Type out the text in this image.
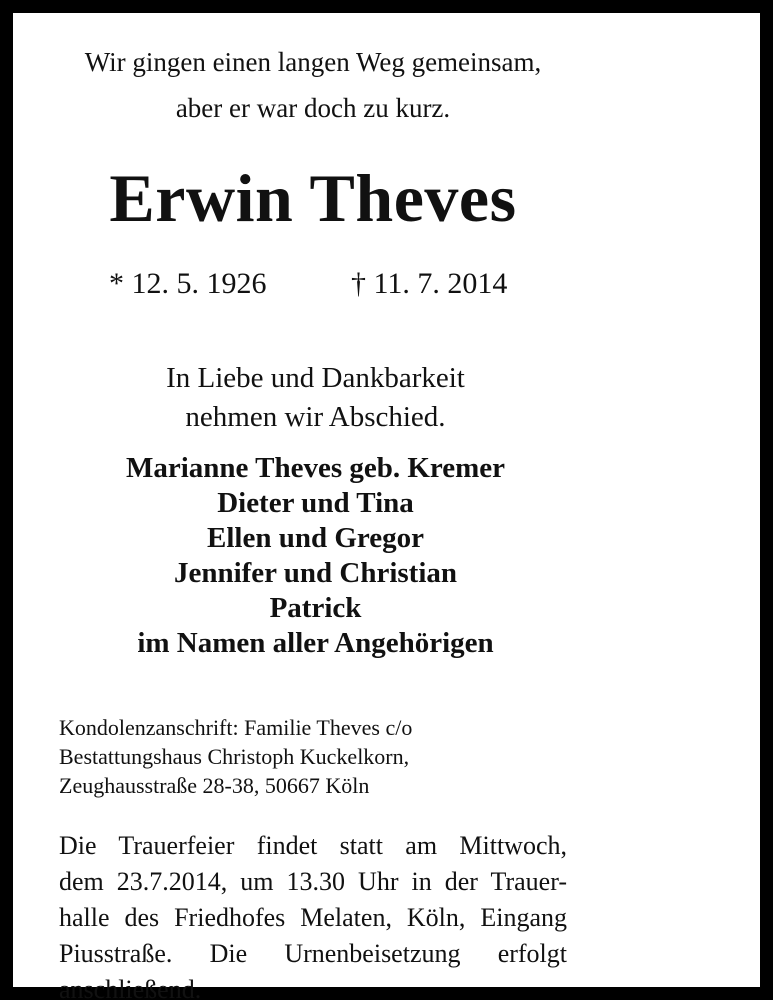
Wir gingen einen langen Weg gemeinsam,
aber er war doch zu kurz.
Erwin Theves
* 12. 5. 1926	† 11. 7. 2014
In Liebe und Dankbarkeit
nehmen wir Abschied.
Marianne Theves geb. Kremer
Dieter und Tina
Ellen und Gregor
Jennifer und Christian
Patrick
im Namen aller Angehörigen
Kondolenzanschrift: Familie Theves c/o
Bestattungshaus Christoph Kuckelkorn,
Zeughausstraße 28-38, 50667 Köln
Die Trauerfeier findet statt am Mittwoch,
dem 23.7.2014, um 13.30 Uhr in der Trauer-
halle des Friedhofes Melaten, Köln, Eingang
Piusstraße. Die Urnenbeisetzung erfolgt
anschließend.
